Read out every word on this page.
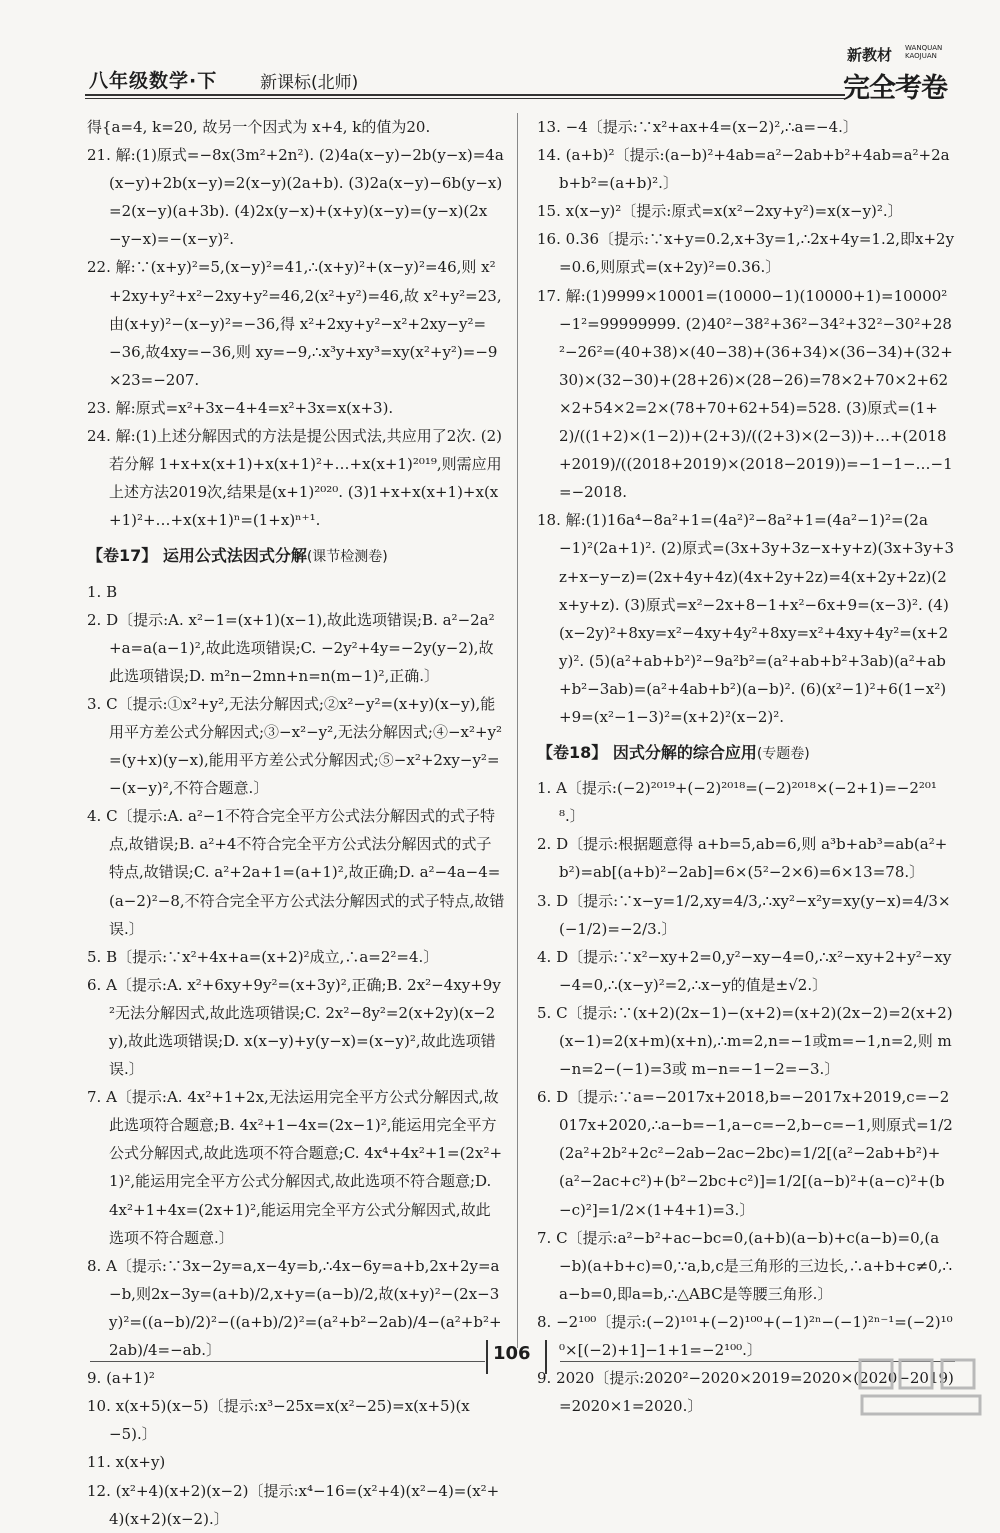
八年级数学·下	新课标(北师)
新教材 WANQUAN KAOJUAN
完全考卷

得{a=4, k=20, 故另一个因式为 x+4, k的值为20.

21. 解:(1)原式=−8x(3m²+2n²). (2)4a(x−y)−2b(y−x)=4a(x−y)+2b(x−y)=2(x−y)(2a+b). (3)2a(x−y)−6b(y−x)=2(x−y)(a+3b). (4)2x(y−x)+(x+y)(x−y)=(y−x)(2x−y−x)=−(x−y)².

22. 解:∵(x+y)²=5,(x−y)²=41,∴(x+y)²+(x−y)²=46,则 x²+2xy+y²+x²−2xy+y²=46,2(x²+y²)=46,故 x²+y²=23,由(x+y)²−(x−y)²=−36,得 x²+2xy+y²−x²+2xy−y²=−36,故4xy=−36,则 xy=−9,∴x³y+xy³=xy(x²+y²)=−9×23=−207.

23. 解:原式=x²+3x−4+4=x²+3x=x(x+3).

24. 解:(1)上述分解因式的方法是提公因式法,共应用了2次. (2)若分解 1+x+x(x+1)+x(x+1)²+…+x(x+1)²⁰¹⁹,则需应用上述方法2019次,结果是(x+1)²⁰²⁰. (3)1+x+x(x+1)+x(x+1)²+…+x(x+1)ⁿ=(1+x)ⁿ⁺¹.

【卷17】 运用公式法因式分解(课节检测卷)

1. B

2. D〔提示:A. x²−1=(x+1)(x−1),故此选项错误;B. a²−2a²+a=a(a−1)²,故此选项错误;C. −2y²+4y=−2y(y−2),故此选项错误;D. m²n−2mn+n=n(m−1)²,正确.〕

3. C〔提示:①x²+y²,无法分解因式;②x²−y²=(x+y)(x−y),能用平方差公式分解因式;③−x²−y²,无法分解因式;④−x²+y²=(y+x)(y−x),能用平方差公式分解因式;⑤−x²+2xy−y²=−(x−y)²,不符合题意.〕

4. C〔提示:A. a²−1不符合完全平方公式法分解因式的式子特点,故错误;B. a²+4不符合完全平方公式法分解因式的式子特点,故错误;C. a²+2a+1=(a+1)²,故正确;D. a²−4a−4=(a−2)²−8,不符合完全平方公式法分解因式的式子特点,故错误.〕

5. B〔提示:∵x²+4x+a=(x+2)²成立,∴a=2²=4.〕

6. A〔提示:A. x²+6xy+9y²=(x+3y)²,正确;B. 2x²−4xy+9y²无法分解因式,故此选项错误;C. 2x²−8y²=2(x+2y)(x−2y),故此选项错误;D. x(x−y)+y(y−x)=(x−y)²,故此选项错误.〕

7. A〔提示:A. 4x²+1+2x,无法运用完全平方公式分解因式,故此选项符合题意;B. 4x²+1−4x=(2x−1)²,能运用完全平方公式分解因式,故此选项不符合题意;C. 4x⁴+4x²+1=(2x²+1)²,能运用完全平方公式分解因式,故此选项不符合题意;D. 4x²+1+4x=(2x+1)²,能运用完全平方公式分解因式,故此选项不符合题意.〕

8. A〔提示:∵3x−2y=a,x−4y=b,∴4x−6y=a+b,2x+2y=a−b,则2x−3y=(a+b)/2,x+y=(a−b)/2,故(x+y)²−(2x−3y)²=((a−b)/2)²−((a+b)/2)²=(a²+b²−2ab)/4−(a²+b²+2ab)/4=−ab.〕

9. (a+1)²

10. x(x+5)(x−5)〔提示:x³−25x=x(x²−25)=x(x+5)(x−5).〕

11. x(x+y)

12. (x²+4)(x+2)(x−2)〔提示:x⁴−16=(x²+4)(x²−4)=(x²+4)(x+2)(x−2).〕

13. −4〔提示:∵x²+ax+4=(x−2)²,∴a=−4.〕

14. (a+b)²〔提示:(a−b)²+4ab=a²−2ab+b²+4ab=a²+2ab+b²=(a+b)².〕

15. x(x−y)²〔提示:原式=x(x²−2xy+y²)=x(x−y)².〕

16. 0.36〔提示:∵x+y=0.2,x+3y=1,∴2x+4y=1.2,即x+2y=0.6,则原式=(x+2y)²=0.36.〕

17. 解:(1)9999×10001=(10000−1)(10000+1)=10000²−1²=99999999. (2)40²−38²+36²−34²+32²−30²+28²−26²=(40+38)×(40−38)+(36+34)×(36−34)+(32+30)×(32−30)+(28+26)×(28−26)=78×2+70×2+62×2+54×2=2×(78+70+62+54)=528. (3)原式=(1+2)/((1+2)×(1−2))+(2+3)/((2+3)×(2−3))+…+(2018+2019)/((2018+2019)×(2018−2019))=−1−1−…−1=−2018.

18. 解:(1)16a⁴−8a²+1=(4a²)²−8a²+1=(4a²−1)²=(2a−1)²(2a+1)². (2)原式=(3x+3y+3z−x+y+z)(3x+3y+3z+x−y−z)=(2x+4y+4z)(4x+2y+2z)=4(x+2y+2z)(2x+y+z). (3)原式=x²−2x+8−1+x²−6x+9=(x−3)². (4)(x−2y)²+8xy=x²−4xy+4y²+8xy=x²+4xy+4y²=(x+2y)². (5)(a²+ab+b²)²−9a²b²=(a²+ab+b²+3ab)(a²+ab+b²−3ab)=(a²+4ab+b²)(a−b)². (6)(x²−1)²+6(1−x²)+9=(x²−1−3)²=(x+2)²(x−2)².

【卷18】 因式分解的综合应用(专题卷)

1. A〔提示:(−2)²⁰¹⁹+(−2)²⁰¹⁸=(−2)²⁰¹⁸×(−2+1)=−2²⁰¹⁸.〕

2. D〔提示:根据题意得 a+b=5,ab=6,则 a³b+ab³=ab(a²+b²)=ab[(a+b)²−2ab]=6×(5²−2×6)=6×13=78.〕

3. D〔提示:∵x−y=1/2,xy=4/3,∴xy²−x²y=xy(y−x)=4/3×(−1/2)=−2/3.〕

4. D〔提示:∵x²−xy+2=0,y²−xy−4=0,∴x²−xy+2+y²−xy−4=0,∴(x−y)²=2,∴x−y的值是±√2.〕

5. C〔提示:∵(x+2)(2x−1)−(x+2)=(x+2)(2x−2)=2(x+2)(x−1)=2(x+m)(x+n),∴m=2,n=−1或m=−1,n=2,则 m−n=2−(−1)=3或 m−n=−1−2=−3.〕

6. D〔提示:∵a=−2017x+2018,b=−2017x+2019,c=−2017x+2020,∴a−b=−1,a−c=−2,b−c=−1,则原式=1/2(2a²+2b²+2c²−2ab−2ac−2bc)=1/2[(a²−2ab+b²)+(a²−2ac+c²)+(b²−2bc+c²)]=1/2[(a−b)²+(a−c)²+(b−c)²]=1/2×(1+4+1)=3.〕

7. C〔提示:a²−b²+ac−bc=0,(a+b)(a−b)+c(a−b)=0,(a−b)(a+b+c)=0,∵a,b,c是三角形的三边长,∴a+b+c≠0,∴a−b=0,即a=b,∴△ABC是等腰三角形.〕

8. −2¹⁰⁰〔提示:(−2)¹⁰¹+(−2)¹⁰⁰+(−1)²ⁿ−(−1)²ⁿ⁻¹=(−2)¹⁰⁰×[(−2)+1]−1+1=−2¹⁰⁰.〕

9. 2020〔提示:2020²−2020×2019=2020×(2020−2019)=2020×1=2020.〕

106
